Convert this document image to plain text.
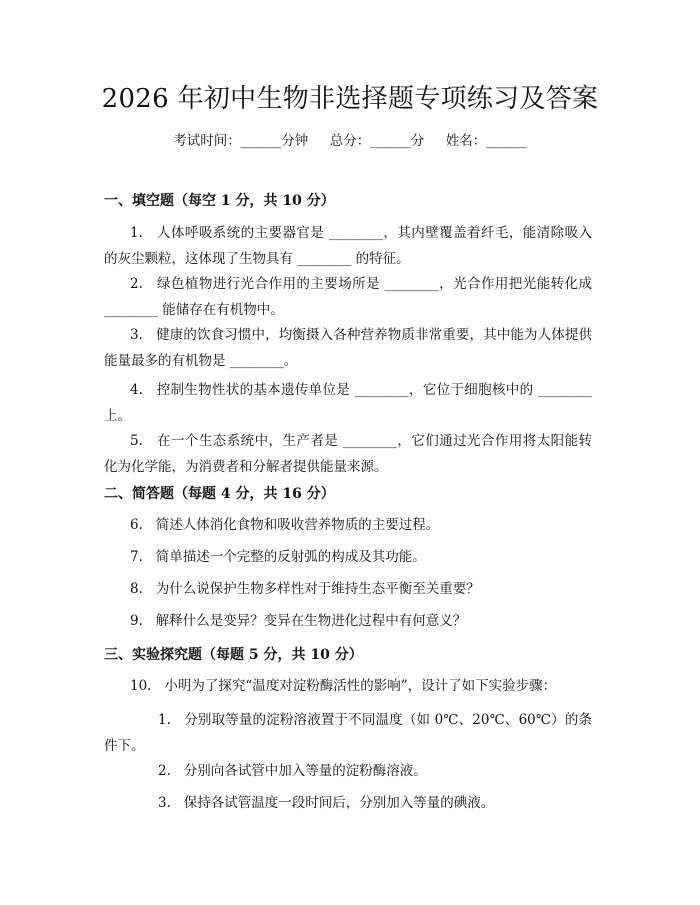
2026 年初中生物非选择题专项练习及答案
考试时间：______分钟     总分：______分     姓名：______
一、填空题（每空 1 分，共 10 分）
1.   人体呼吸系统的主要器官是 ________，其内壁覆盖着纤毛，能清除吸入的灰尘颗粒，这体现了生物具有 ________ 的特征。
2.   绿色植物进行光合作用的主要场所是 ________，光合作用把光能转化成 ________ 能储存在有机物中。
3.   健康的饮食习惯中，均衡摄入各种营养物质非常重要，其中能为人体提供能量最多的有机物是 ________。
4.   控制生物性状的基本遗传单位是 ________，它位于细胞核中的 ________ 上。
5.   在一个生态系统中，生产者是 ________，它们通过光合作用将太阳能转化为化学能，为消费者和分解者提供能量来源。
二、简答题（每题 4 分，共 16 分）
6.   简述人体消化食物和吸收营养物质的主要过程。
7.   简单描述一个完整的反射弧的构成及其功能。
8.   为什么说保护生物多样性对于维持生态平衡至关重要？
9.   解释什么是变异？变异在生物进化过程中有何意义？
三、实验探究题（每题 5 分，共 10 分）
10.   小明为了探究“温度对淀粉酶活性的影响”，设计了如下实验步骤：
1.   分别取等量的淀粉溶液置于不同温度（如 0℃、20℃、60℃）的条件下。
2.   分别向各试管中加入等量的淀粉酶溶液。
3.   保持各试管温度一段时间后，分别加入等量的碘液。
